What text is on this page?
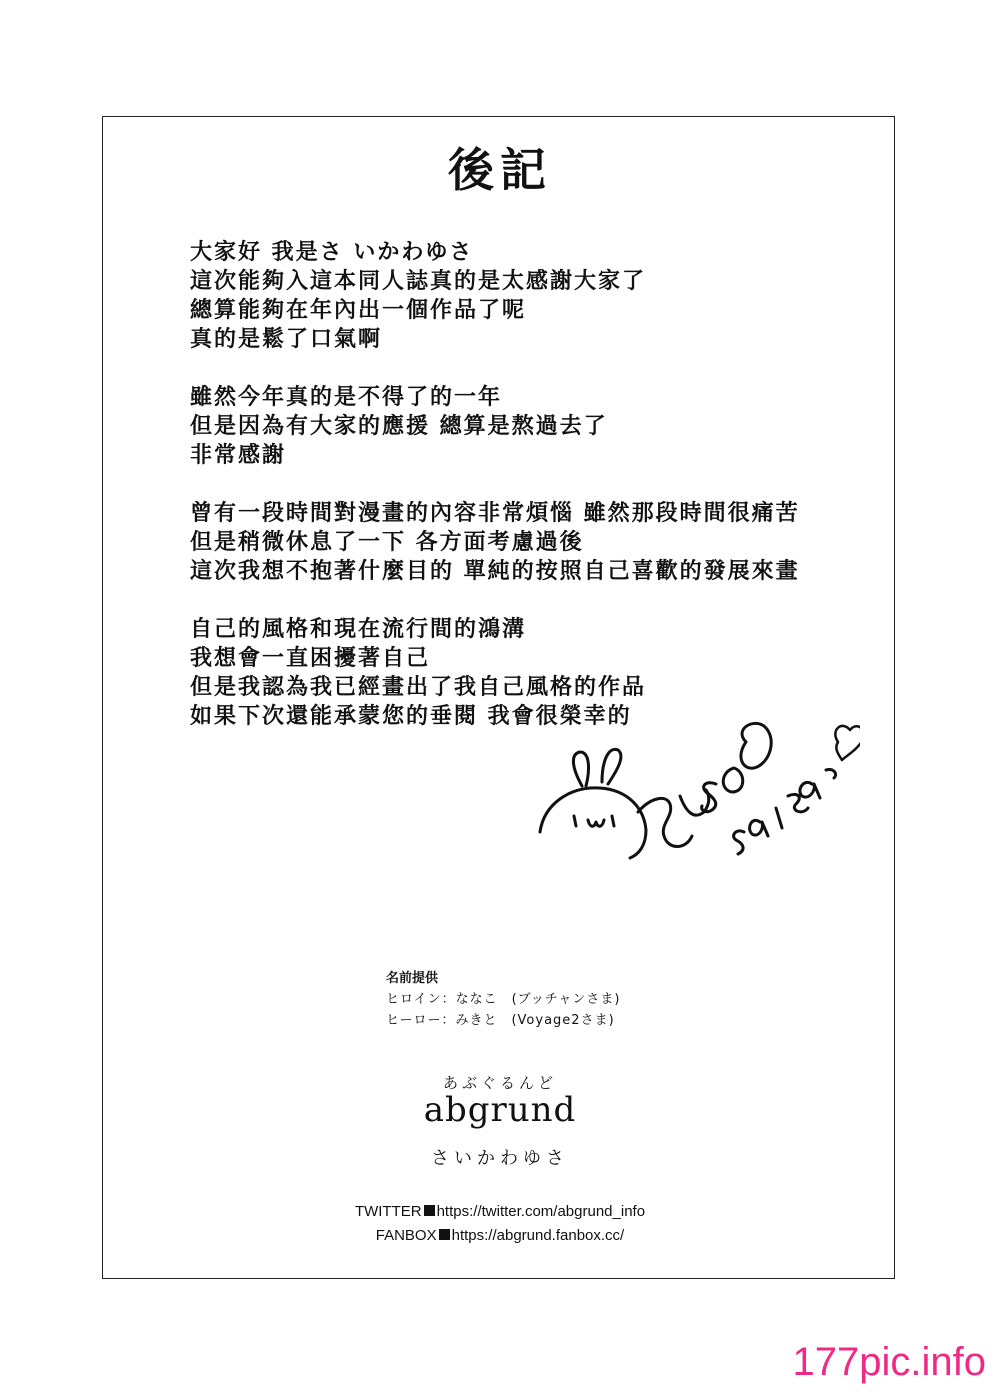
後記
大家好 我是さ いかわゆさ
這次能夠入這本同人誌真的是太感謝大家了
總算能夠在年內出一個作品了呢
真的是鬆了口氣啊
雖然今年真的是不得了的一年
但是因為有大家的應援 總算是熬過去了
非常感謝
曾有一段時間對漫畫的內容非常煩惱 雖然那段時間很痛苦
但是稍微休息了一下 各方面考慮過後
這次我想不抱著什麼目的 單純的按照自己喜歡的發展來畫
自己的風格和現在流行間的鴻溝
我想會一直困擾著自己
但是我認為我已經畫出了我自己風格的作品
如果下次還能承蒙您的垂閱 我會很榮幸的
名前提供
ヒロイン：ななこ　(ブッチャンさま)
ヒーロー：みきと　(Voyage2さま)
あぶぐるんど
abgrund
さいかわゆさ
TWITTER https://twitter.com/abgrund_info
FANBOX https://abgrund.fanbox.cc/
177pic.info
